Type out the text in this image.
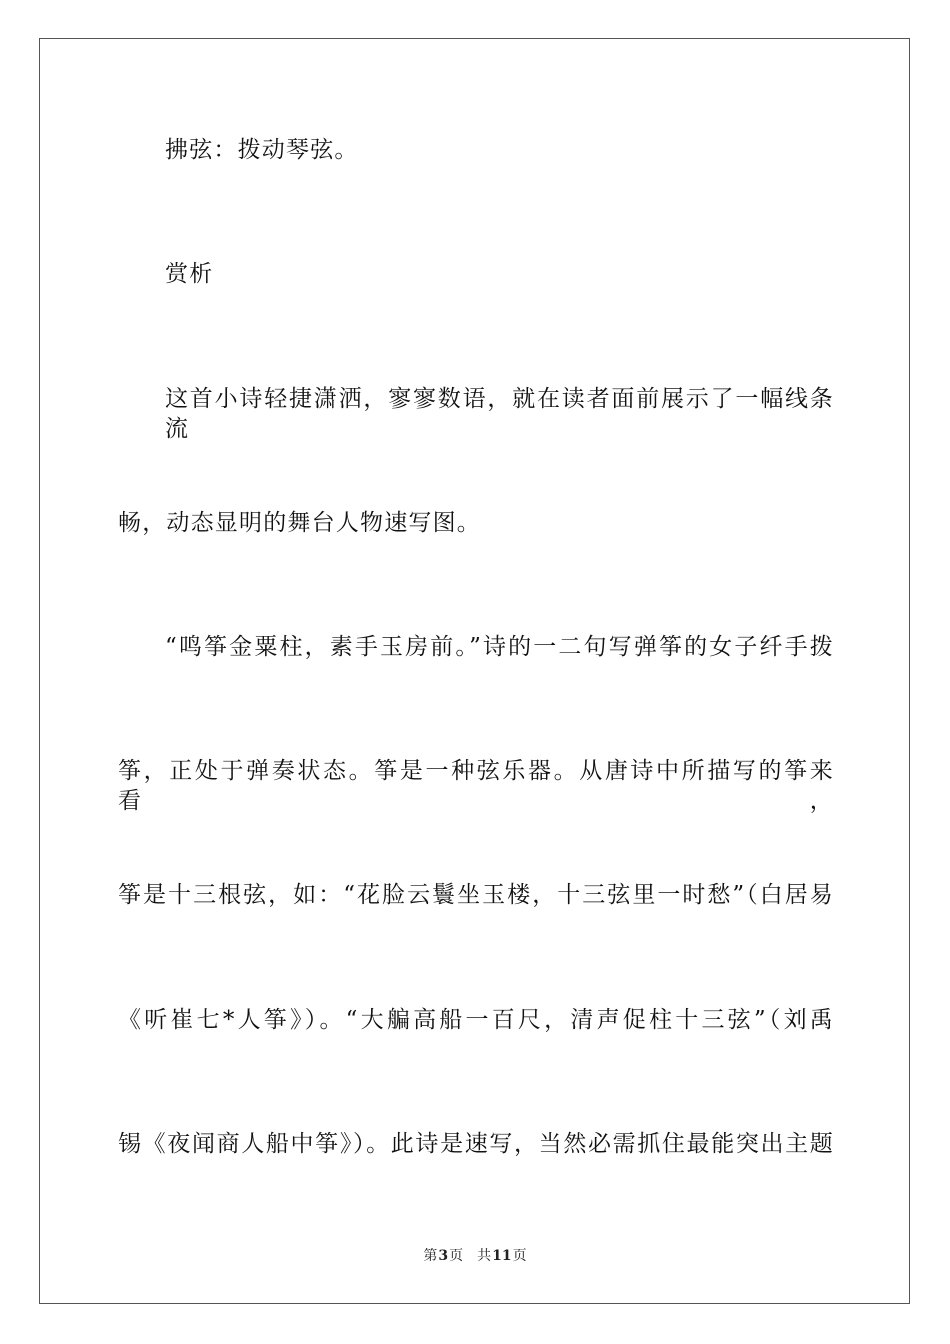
拂弦：拨动琴弦。
赏析
这首小诗轻捷潇洒，寥寥数语，就在读者面前展示了一幅线条流
畅，动态显明的舞台人物速写图。
“鸣筝金粟柱，素手玉房前。”诗的一二句写弹筝的女子纤手拨
筝，正处于弹奏状态。筝是一种弦乐器。从唐诗中所描写的筝来看，
筝是十三根弦，如：“花脸云鬟坐玉楼，十三弦里一时愁”（白居易
《听崔七*人筝》）。“大艑高船一百尺，清声促柱十三弦”（刘禹
锡《夜闻商人船中筝》）。此诗是速写，当然必需抓住最能突出主题
第3页 共11页
